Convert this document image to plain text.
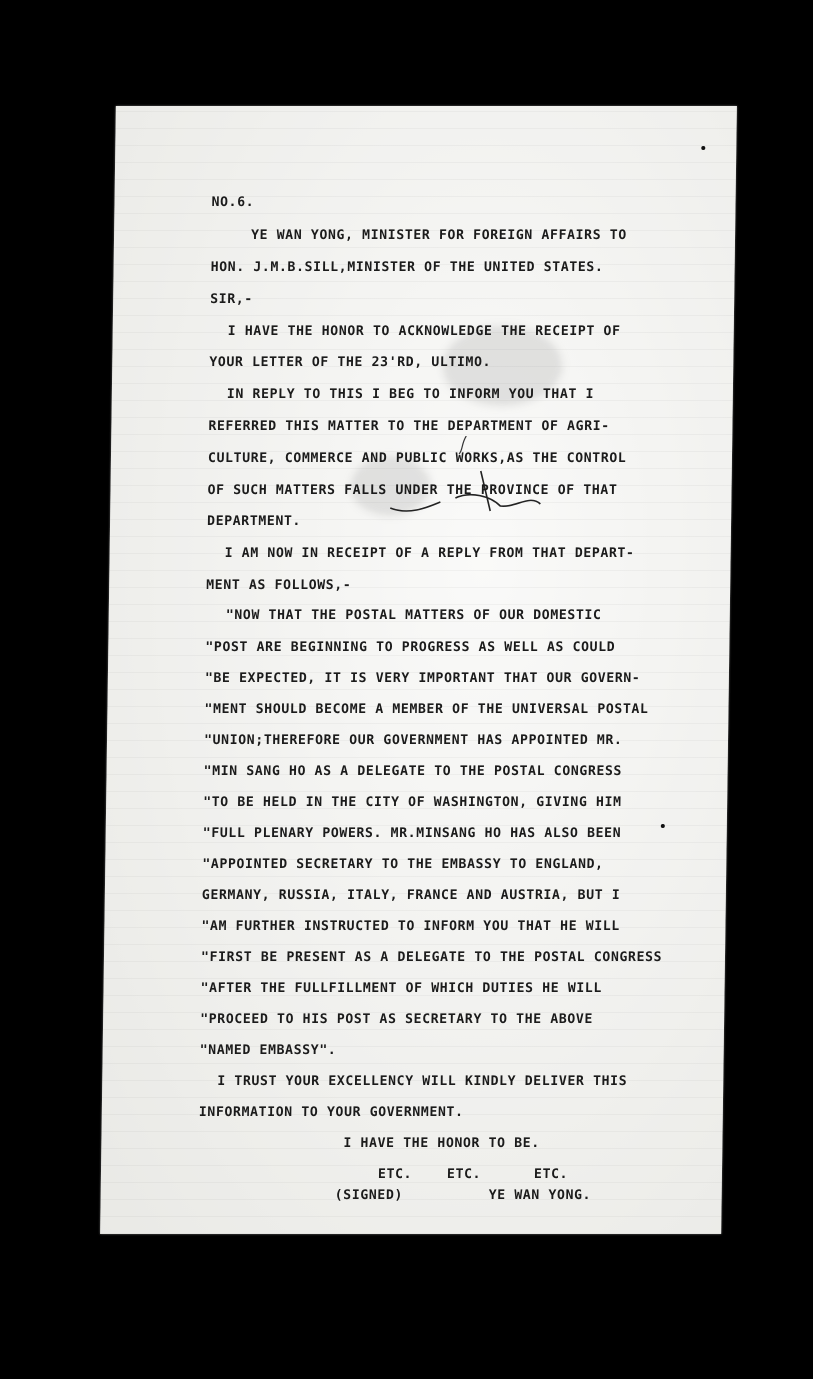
NO.6.
YE WAN YONG, MINISTER FOR FOREIGN AFFAIRS TO
HON. J.M.B.SILL,MINISTER OF THE UNITED STATES.
SIR,-
I HAVE THE HONOR TO ACKNOWLEDGE THE RECEIPT OF
YOUR LETTER OF THE 23'RD, ULTIMO.
IN REPLY TO THIS I BEG TO INFORM YOU THAT I
REFERRED THIS MATTER TO THE DEPARTMENT OF AGRI-
CULTURE, COMMERCE AND PUBLIC WORKS,AS THE CONTROL
OF SUCH MATTERS FALLS UNDER THE PROVINCE OF THAT
DEPARTMENT.
I AM NOW IN RECEIPT OF A REPLY FROM THAT DEPART-
MENT AS FOLLOWS,-
"NOW THAT THE POSTAL MATTERS OF OUR DOMESTIC
"POST ARE BEGINNING TO PROGRESS AS WELL AS COULD
"BE EXPECTED, IT IS VERY IMPORTANT THAT OUR GOVERN-
"MENT SHOULD BECOME A MEMBER OF THE UNIVERSAL POSTAL
"UNION;THEREFORE OUR GOVERNMENT HAS APPOINTED MR.
"MIN SANG HO AS A DELEGATE TO THE POSTAL CONGRESS
"TO BE HELD IN THE CITY OF WASHINGTON, GIVING HIM
"FULL PLENARY POWERS. MR.MINSANG HO HAS ALSO BEEN
"APPOINTED SECRETARY TO THE EMBASSY TO ENGLAND,
GERMANY, RUSSIA, ITALY, FRANCE AND AUSTRIA, BUT I
"AM FURTHER INSTRUCTED TO INFORM YOU THAT HE WILL
"FIRST BE PRESENT AS A DELEGATE TO THE POSTAL CONGRESS
"AFTER THE FULLFILLMENT OF WHICH DUTIES HE WILL
"PROCEED TO HIS POST AS SECRETARY TO THE ABOVE
"NAMED EMBASSY".
I TRUST YOUR EXCELLENCY WILL KINDLY DELIVER THIS
INFORMATION TO YOUR GOVERNMENT.
I HAVE THE HONOR TO BE.
ETC.	ETC.	ETC.
(SIGNED)	YE WAN YONG.
